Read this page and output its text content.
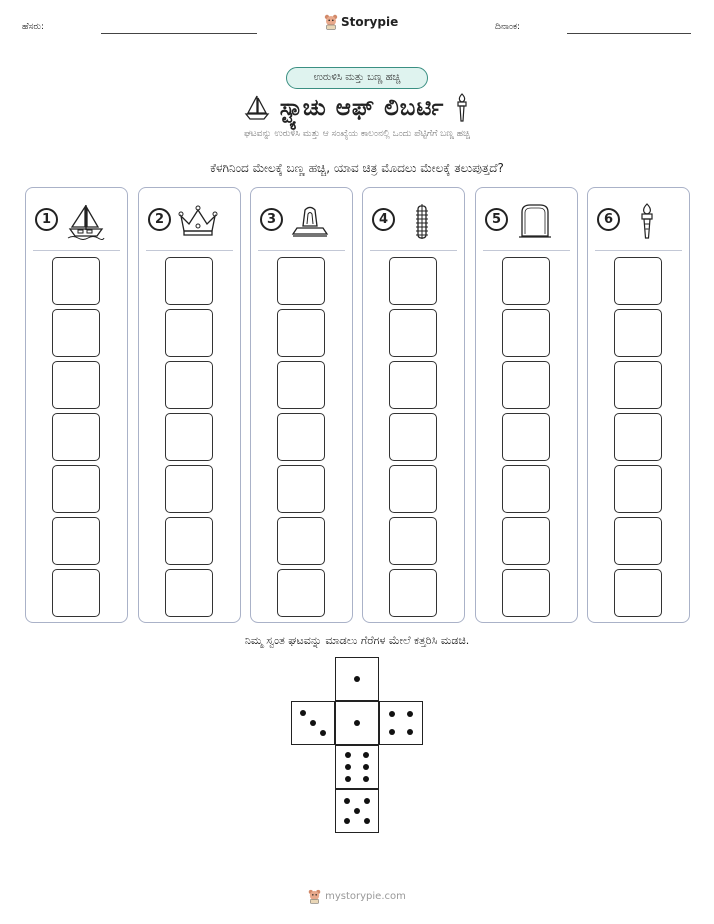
ಹೆಸರು:	Storypie	ದಿನಾಂಕ:
ಉರುಳಿಸಿ ಮತ್ತು ಬಣ್ಣ ಹಚ್ಚಿ
ಸ್ಟ್ಯಾಚು ಆಫ್ ಲಿಬರ್ಟಿ
ಘಟವನ್ನು ಉರುಳಿಸಿ ಮತ್ತು ಆ ಸಂಖ್ಯೆಯ ಕಾಲಂನಲ್ಲಿ ಒಂದು ಪೆಟ್ಟಿಗೆಗೆ ಬಣ್ಣ ಹಚ್ಚಿ
ಕೆಳಗಿನಿಂದ ಮೇಲಕ್ಕೆ ಬಣ್ಣ ಹಚ್ಚಿ, ಯಾವ ಚಿತ್ರ ಮೊದಲು ಮೇಲಕ್ಕೆ ತಲುಪುತ್ತದೆ?
1	2	3	4	5	6
ನಿಮ್ಮ ಸ್ವಂತ ಘಟವನ್ನು ಮಾಡಲು ಗೆರೆಗಳ ಮೇಲೆ ಕತ್ತರಿಸಿ ಮಡಚಿ.
mystorypie.com
